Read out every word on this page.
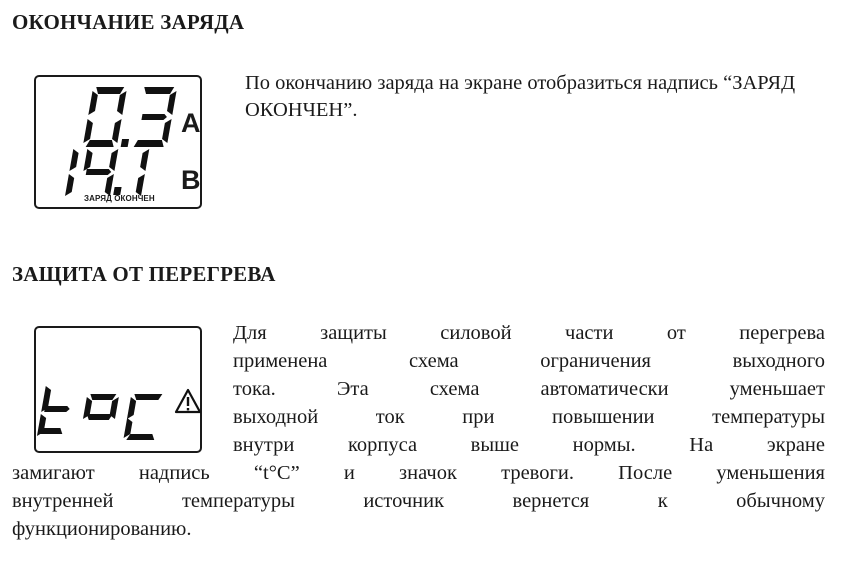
ОКОНЧАНИЕ ЗАРЯДА
А
В
ЗАРЯД ОКОНЧЕН

По окончанию заряда на экране отобразиться надпись “ЗАРЯД ОКОНЧЕН”.

ЗАЩИТА ОТ ПЕРЕГРЕВА
Для защиты силовой части от перегрева
применена схема ограничения выходного
тока. Эта схема автоматически уменьшает
выходной ток при повышении температуры
внутри корпуса выше нормы. На экране
замигают надпись “t°C” и значок тревоги. После уменьшения
внутренней температуры источник вернется к обычному
функционированию.
